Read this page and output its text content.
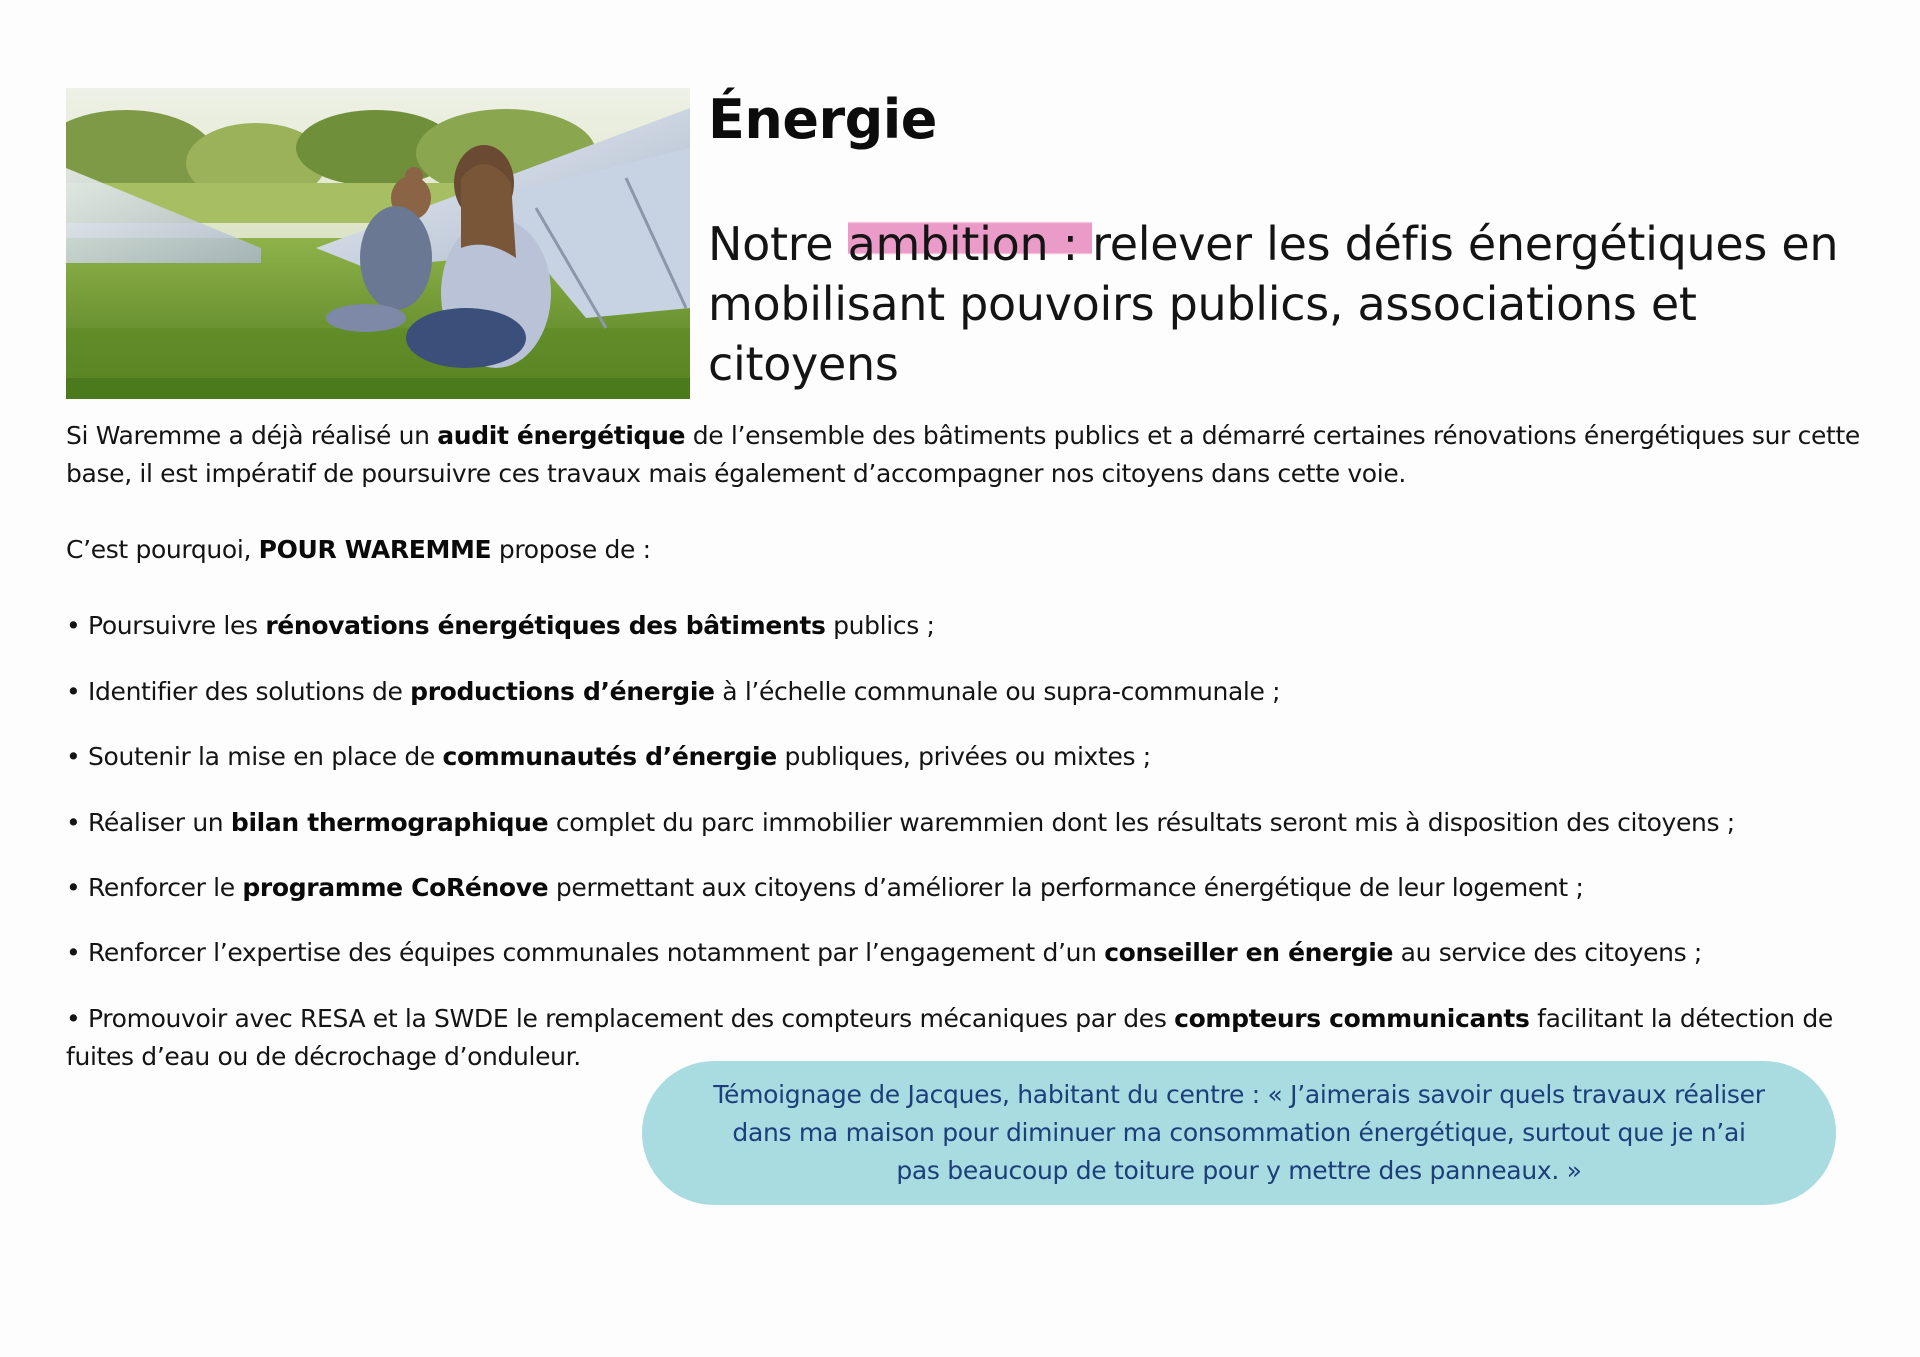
Énergie

Notre ambition : relever les défis énergétiques en mobilisant pouvoirs publics, associations et citoyens

Si Waremme a déjà réalisé un audit énergétique de l’ensemble des bâtiments publics et a démarré certaines rénovations énergétiques sur cette base, il est impératif de poursuivre ces travaux mais également d’accompagner nos citoyens dans cette voie.

C’est pourquoi, POUR WAREMME propose de :

• Poursuivre les rénovations énergétiques des bâtiments publics ;

• Identifier des solutions de productions d’énergie à l’échelle communale ou supra-communale ;

• Soutenir la mise en place de communautés d’énergie publiques, privées ou mixtes ;

• Réaliser un bilan thermographique complet du parc immobilier waremmien dont les résultats seront mis à disposition des citoyens ;

• Renforcer le programme CoRénove permettant aux citoyens d’améliorer la performance énergétique de leur logement ;

• Renforcer l’expertise des équipes communales notamment par l’engagement d’un conseiller en énergie au service des citoyens ;

• Promouvoir avec RESA et la SWDE le remplacement des compteurs mécaniques par des compteurs communicants facilitant la détection de fuites d’eau ou de décrochage d’onduleur.

Témoignage de Jacques, habitant du centre : « J’aimerais savoir quels travaux réaliser dans ma maison pour diminuer ma consommation énergétique, surtout que je n’ai pas beaucoup de toiture pour y mettre des panneaux. »
